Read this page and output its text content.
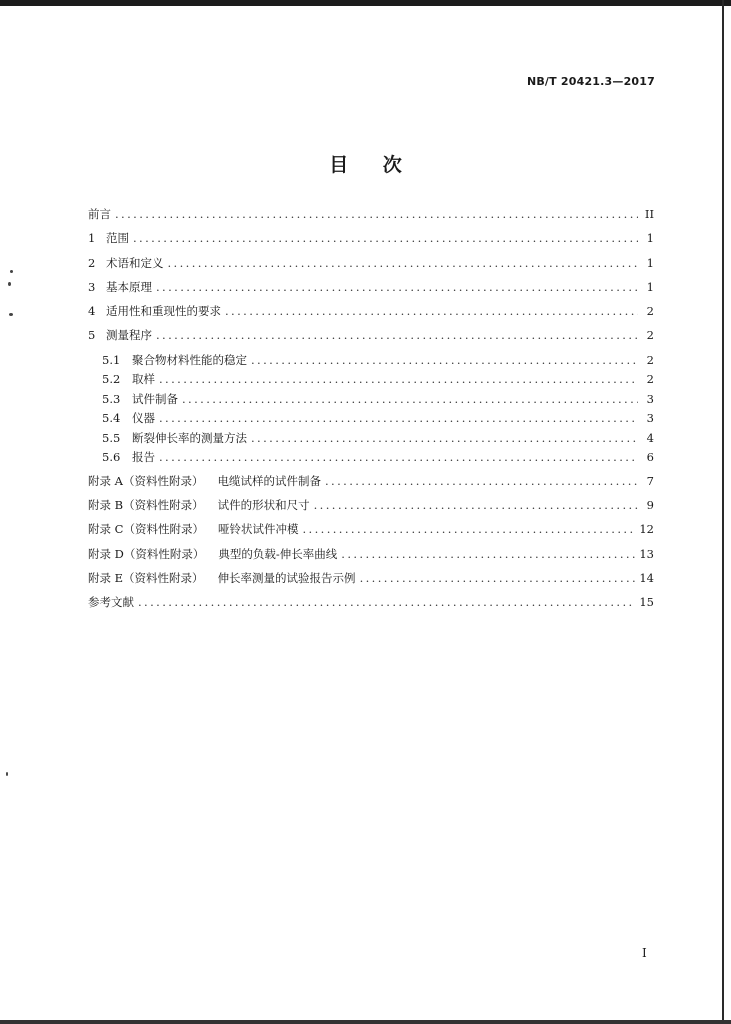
NB/T 20421.3—2017
目 次
前言 .....	II
1 范围 .....	1
2 术语和定义 .....	1
3 基本原理 .....	1
4 适用性和重现性的要求 .....	2
5 测量程序 .....	2
5.1	聚合物材料性能的稳定 .....	2
5.2	取样 .....	2
5.3	试件制备 .....	3
5.4	仪器 .....	3
5.5	断裂伸长率的测量方法 .....	4
5.6	报告 .....	6
附录 A（资料性附录） 电缆试样的试件制备 .....	7
附录 B（资料性附录） 试件的形状和尺寸 .....	9
附录 C（资料性附录） 哑铃状试件冲模 .....	12
附录 D（资料性附录） 典型的负载-伸长率曲线 .....	13
附录 E（资料性附录） 伸长率测量的试验报告示例 .....	14
参考文献 .....	15
I
